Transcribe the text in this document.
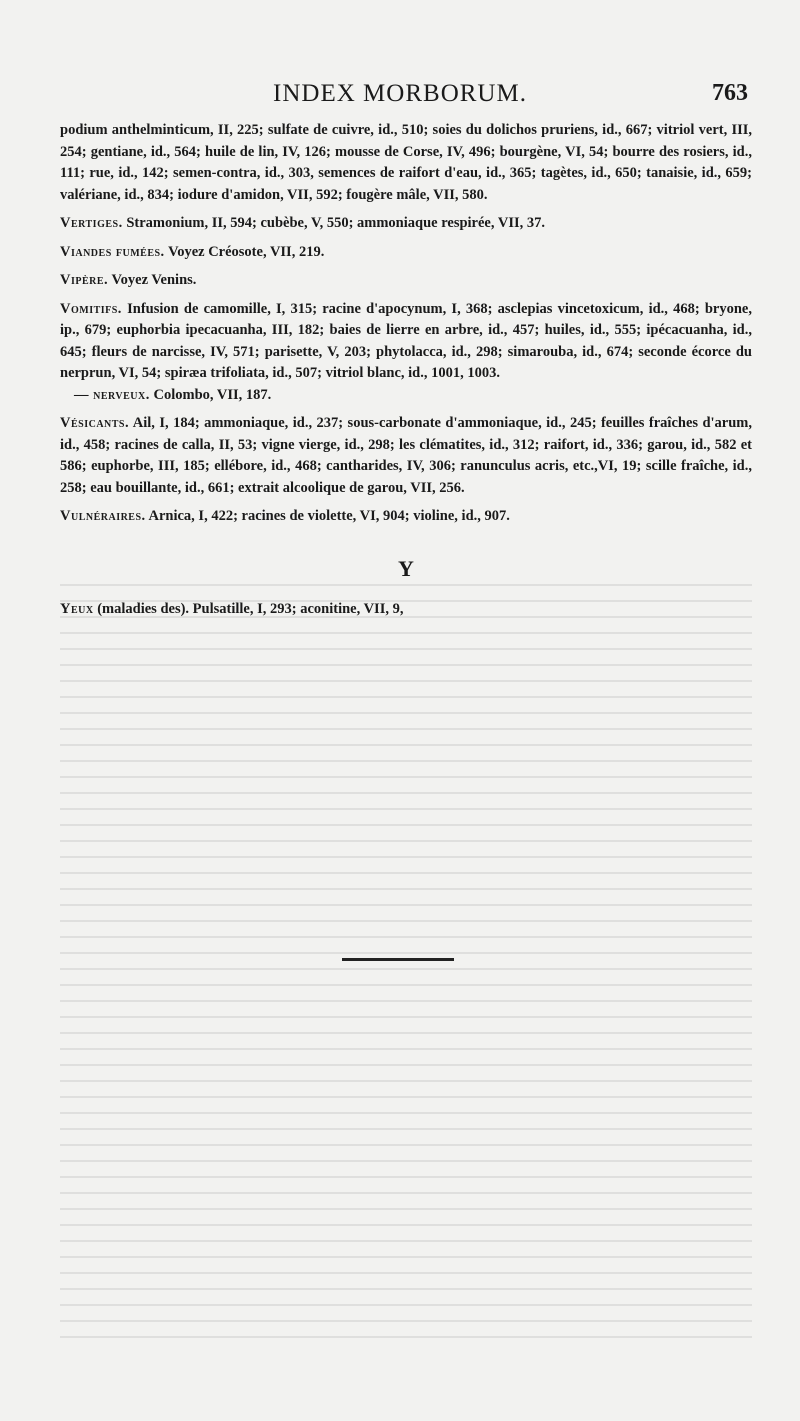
INDEX MORBORUM.	763

podium anthelminticum, II, 225; sulfate de cuivre, id., 510; soies du dolichos pruriens, id., 667; vitriol vert, III, 254; gentiane, id., 564; huile de lin, IV, 126; mousse de Corse, IV, 496; bourgène, VI, 54; bourre des rosiers, id., 111; rue, id., 142; semen-contra, id., 303, semences de raifort d'eau, id., 365; tagètes, id., 650; tanaisie, id., 659; valériane, id., 834; iodure d'amidon, VII, 592; fougère mâle, VII, 580.

Vertiges. Stramonium, II, 594; cubèbe, V, 550; ammoniaque respirée, VII, 37.

Viandes fumées. Voyez Créosote, VII, 219.

Vipère. Voyez Venins.

Vomitifs. Infusion de camomille, I, 315; racine d'apocynum, I, 368; asclepias vincetoxicum, id., 468; bryone, ip., 679; euphorbia ipecacuanha, III, 182; baies de lierre en arbre, id., 457; huiles, id., 555; ipécacuanha, id., 645; fleurs de narcisse, IV, 571; parisette, V, 203; phytolacca, id., 298; simarouba, id., 674; seconde écorce du nerprun, VI, 54; spiræa trifoliata, id., 507; vitriol blanc, id., 1001, 1003.

— nerveux. Colombo, VII, 187.

Vésicants. Ail, I, 184; ammoniaque, id., 237; sous-carbonate d'ammoniaque, id., 245; feuilles fraîches d'arum, id., 458; racines de calla, II, 53; vigne vierge, id., 298; les clématites, id., 312; raifort, id., 336; garou, id., 582 et 586; euphorbe, III, 185; ellébore, id., 468; cantharides, IV, 306; ranunculus acris, etc.,VI, 19; scille fraîche, id., 258; eau bouillante, id., 661; extrait alcoolique de garou, VII, 256.

Vulnéraires. Arnica, I, 422; racines de violette, VI, 904; violine, id., 907.

Y

Yeux (maladies des). Pulsatille, I, 293; aconitine, VII, 9,
